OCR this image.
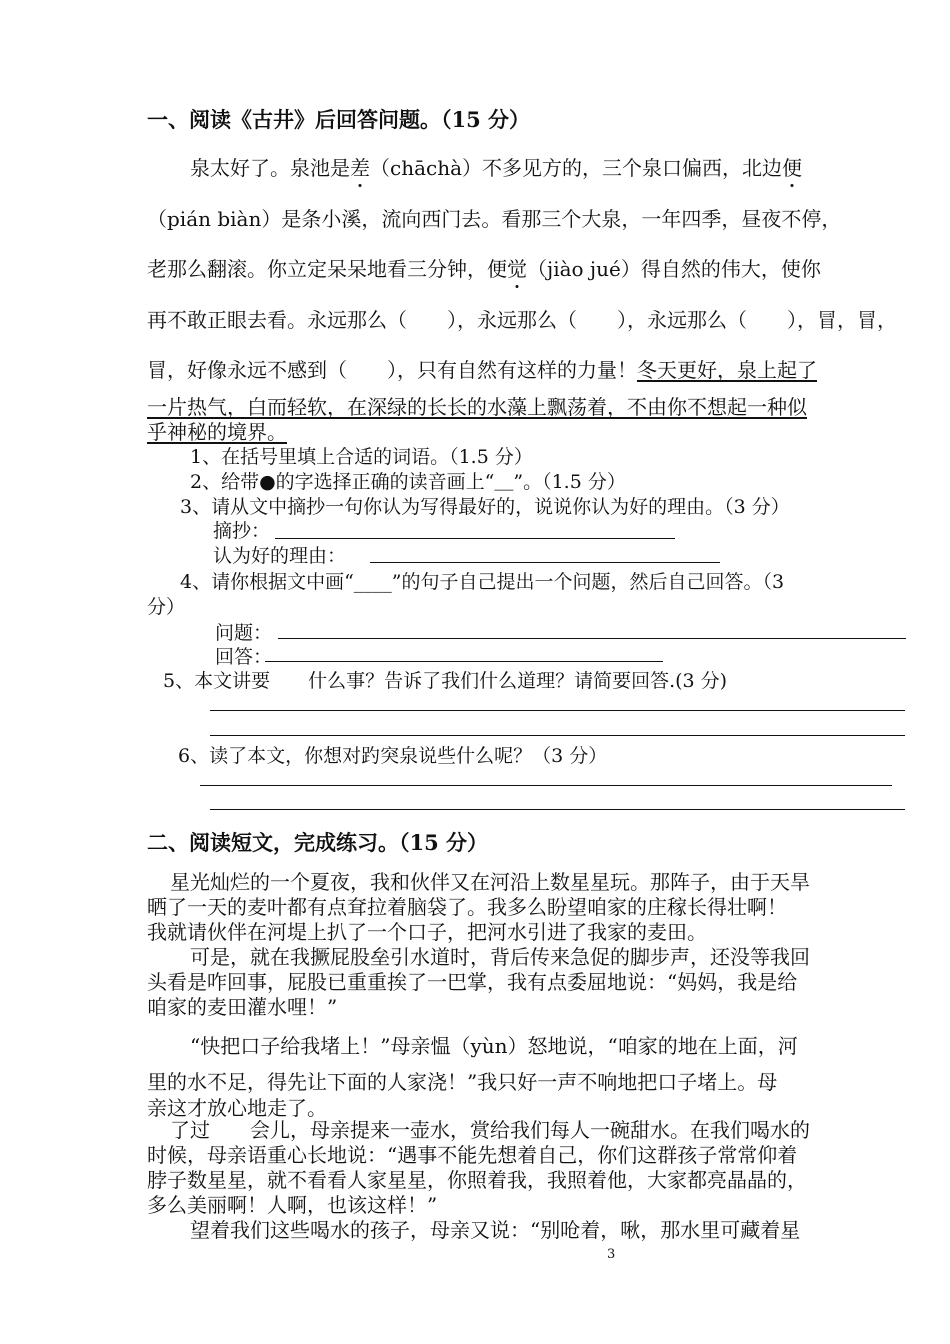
一、阅读《古井》后回答问题。（15 分）
泉太好了。泉池是差（chāchà）不多见方的，三个泉口偏西，北边便
（pián biàn）是条小溪，流向西门去。看那三个大泉，一年四季，昼夜不停，
老那么翻滚。你立定呆呆地看三分钟，便觉（jiào jué）得自然的伟大，使你
再不敢正眼去看。永远那么（　　），永远那么（　　），永远那么（　　），冒，冒，
冒，好像永远不感到（　　），只有自然有这样的力量！冬天更好，泉上起了
一片热气，白而轻软，在深绿的长长的水藻上飘荡着，不由你不想起一种似
乎神秘的境界。
1、在括号里填上合适的词语。（1.5 分）
2、给带●的字选择正确的读音画上“＿”。（1.5 分）
3、请从文中摘抄一句你认为写得最好的，说说你认为好的理由。（3 分）
摘抄：
认为好的理由：
4、请你根据文中画“____”的句子自己提出一个问题，然后自己回答。（3
分）
问题：
回答：
5、本文讲要　　什么事？告诉了我们什么道理？请简要回答.(3 分)
6、读了本文，你想对趵突泉说些什么呢？（3 分）
二、阅读短文，完成练习。（15 分）
星光灿烂的一个夏夜，我和伙伴又在河沿上数星星玩。那阵子，由于天旱
晒了一天的麦叶都有点耷拉着脑袋了。我多么盼望咱家的庄稼长得壮啊！
我就请伙伴在河堤上扒了一个口子，把河水引进了我家的麦田。
可是，就在我撅屁股垒引水道时，背后传来急促的脚步声，还没等我回
头看是咋回事，屁股已重重挨了一巴掌，我有点委屈地说：“妈妈，我是给
咱家的麦田灌水哩！”
“快把口子给我堵上！”母亲愠（yùn）怒地说，“咱家的地在上面，河
里的水不足，得先让下面的人家浇！”我只好一声不响地把口子堵上。母
亲这才放心地走了。
了过　　会儿，母亲提来一壶水，赏给我们每人一碗甜水。在我们喝水的
时候，母亲语重心长地说：“遇事不能先想着自己，你们这群孩子常常仰着
脖子数星星，就不看看人家星星，你照着我，我照着他，大家都亮晶晶的，
多么美丽啊！人啊，也该这样！”
望着我们这些喝水的孩子，母亲又说：“别呛着，啾，那水里可藏着星
3
